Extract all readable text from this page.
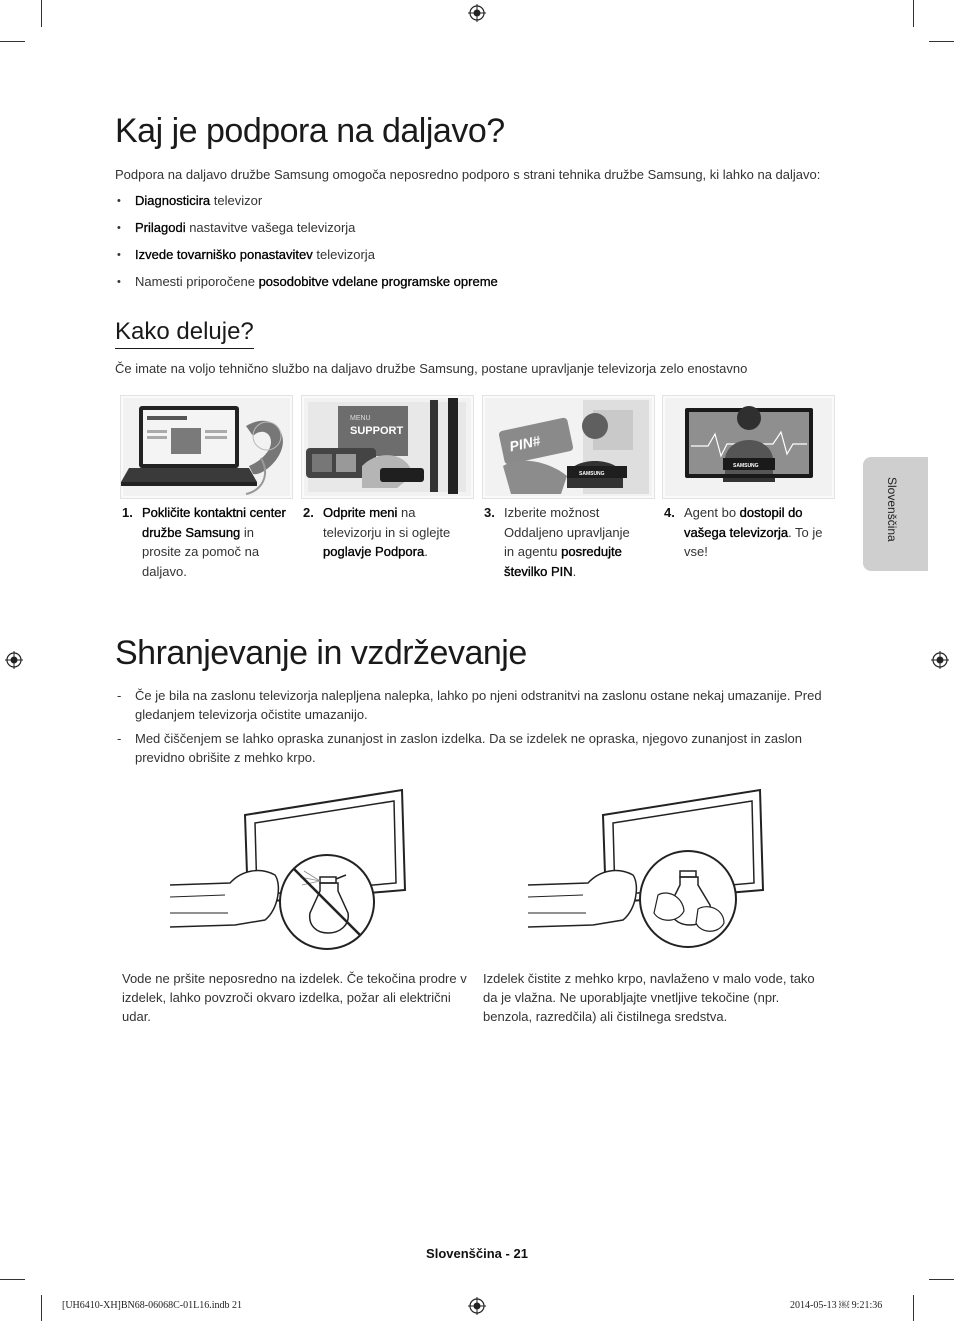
Kaj je podpora na daljavo?
Podpora na daljavo družbe Samsung omogoča neposredno podporo s strani tehnika družbe Samsung, ki lahko na daljavo:
• Diagnosticira televizor
• Prilagodi nastavitve vašega televizorja
• Izvede tovarniško ponastavitev televizorja
• Namesti priporočene posodobitve vdelane programske opreme
Kako deluje?
Če imate na voljo tehnično službo na daljavo družbe Samsung, postane upravljanje televizorja zelo enostavno
MENU
SUPPORT
PIN#
SAMSUNG
SAMSUNG
1. Pokličite kontaktni center družbe Samsung in prosite za pomoč na daljavo.
2. Odprite meni na televizorju in si oglejte poglavje Podpora.
3. Izberite možnost Oddaljeno upravljanje in agentu posredujte številko PIN.
4. Agent bo dostopil do vašega televizorja. To je vse!
Slovenščina
Shranjevanje in vzdrževanje
- Če je bila na zaslonu televizorja nalepljena nalepka, lahko po njeni odstranitvi na zaslonu ostane nekaj umazanije. Pred gledanjem televizorja očistite umazanijo.
- Med čiščenjem se lahko opraska zunanjost in zaslon izdelka. Da se izdelek ne opraska, njegovo zunanjost in zaslon previdno obrišite z mehko krpo.
Vode ne pršite neposredno na izdelek. Če tekočina prodre v izdelek, lahko povzroči okvaro izdelka, požar ali električni udar.
Izdelek čistite z mehko krpo, navlaženo v malo vode, tako da je vlažna. Ne uporabljajte vnetljive tekočine (npr. benzola, razredčila) ali čistilnega sredstva.
Slovenščina - 21
[UH6410-XH]BN68-06068C-01L16.indb 21	2014-05-13 ￼ 9:21:36
